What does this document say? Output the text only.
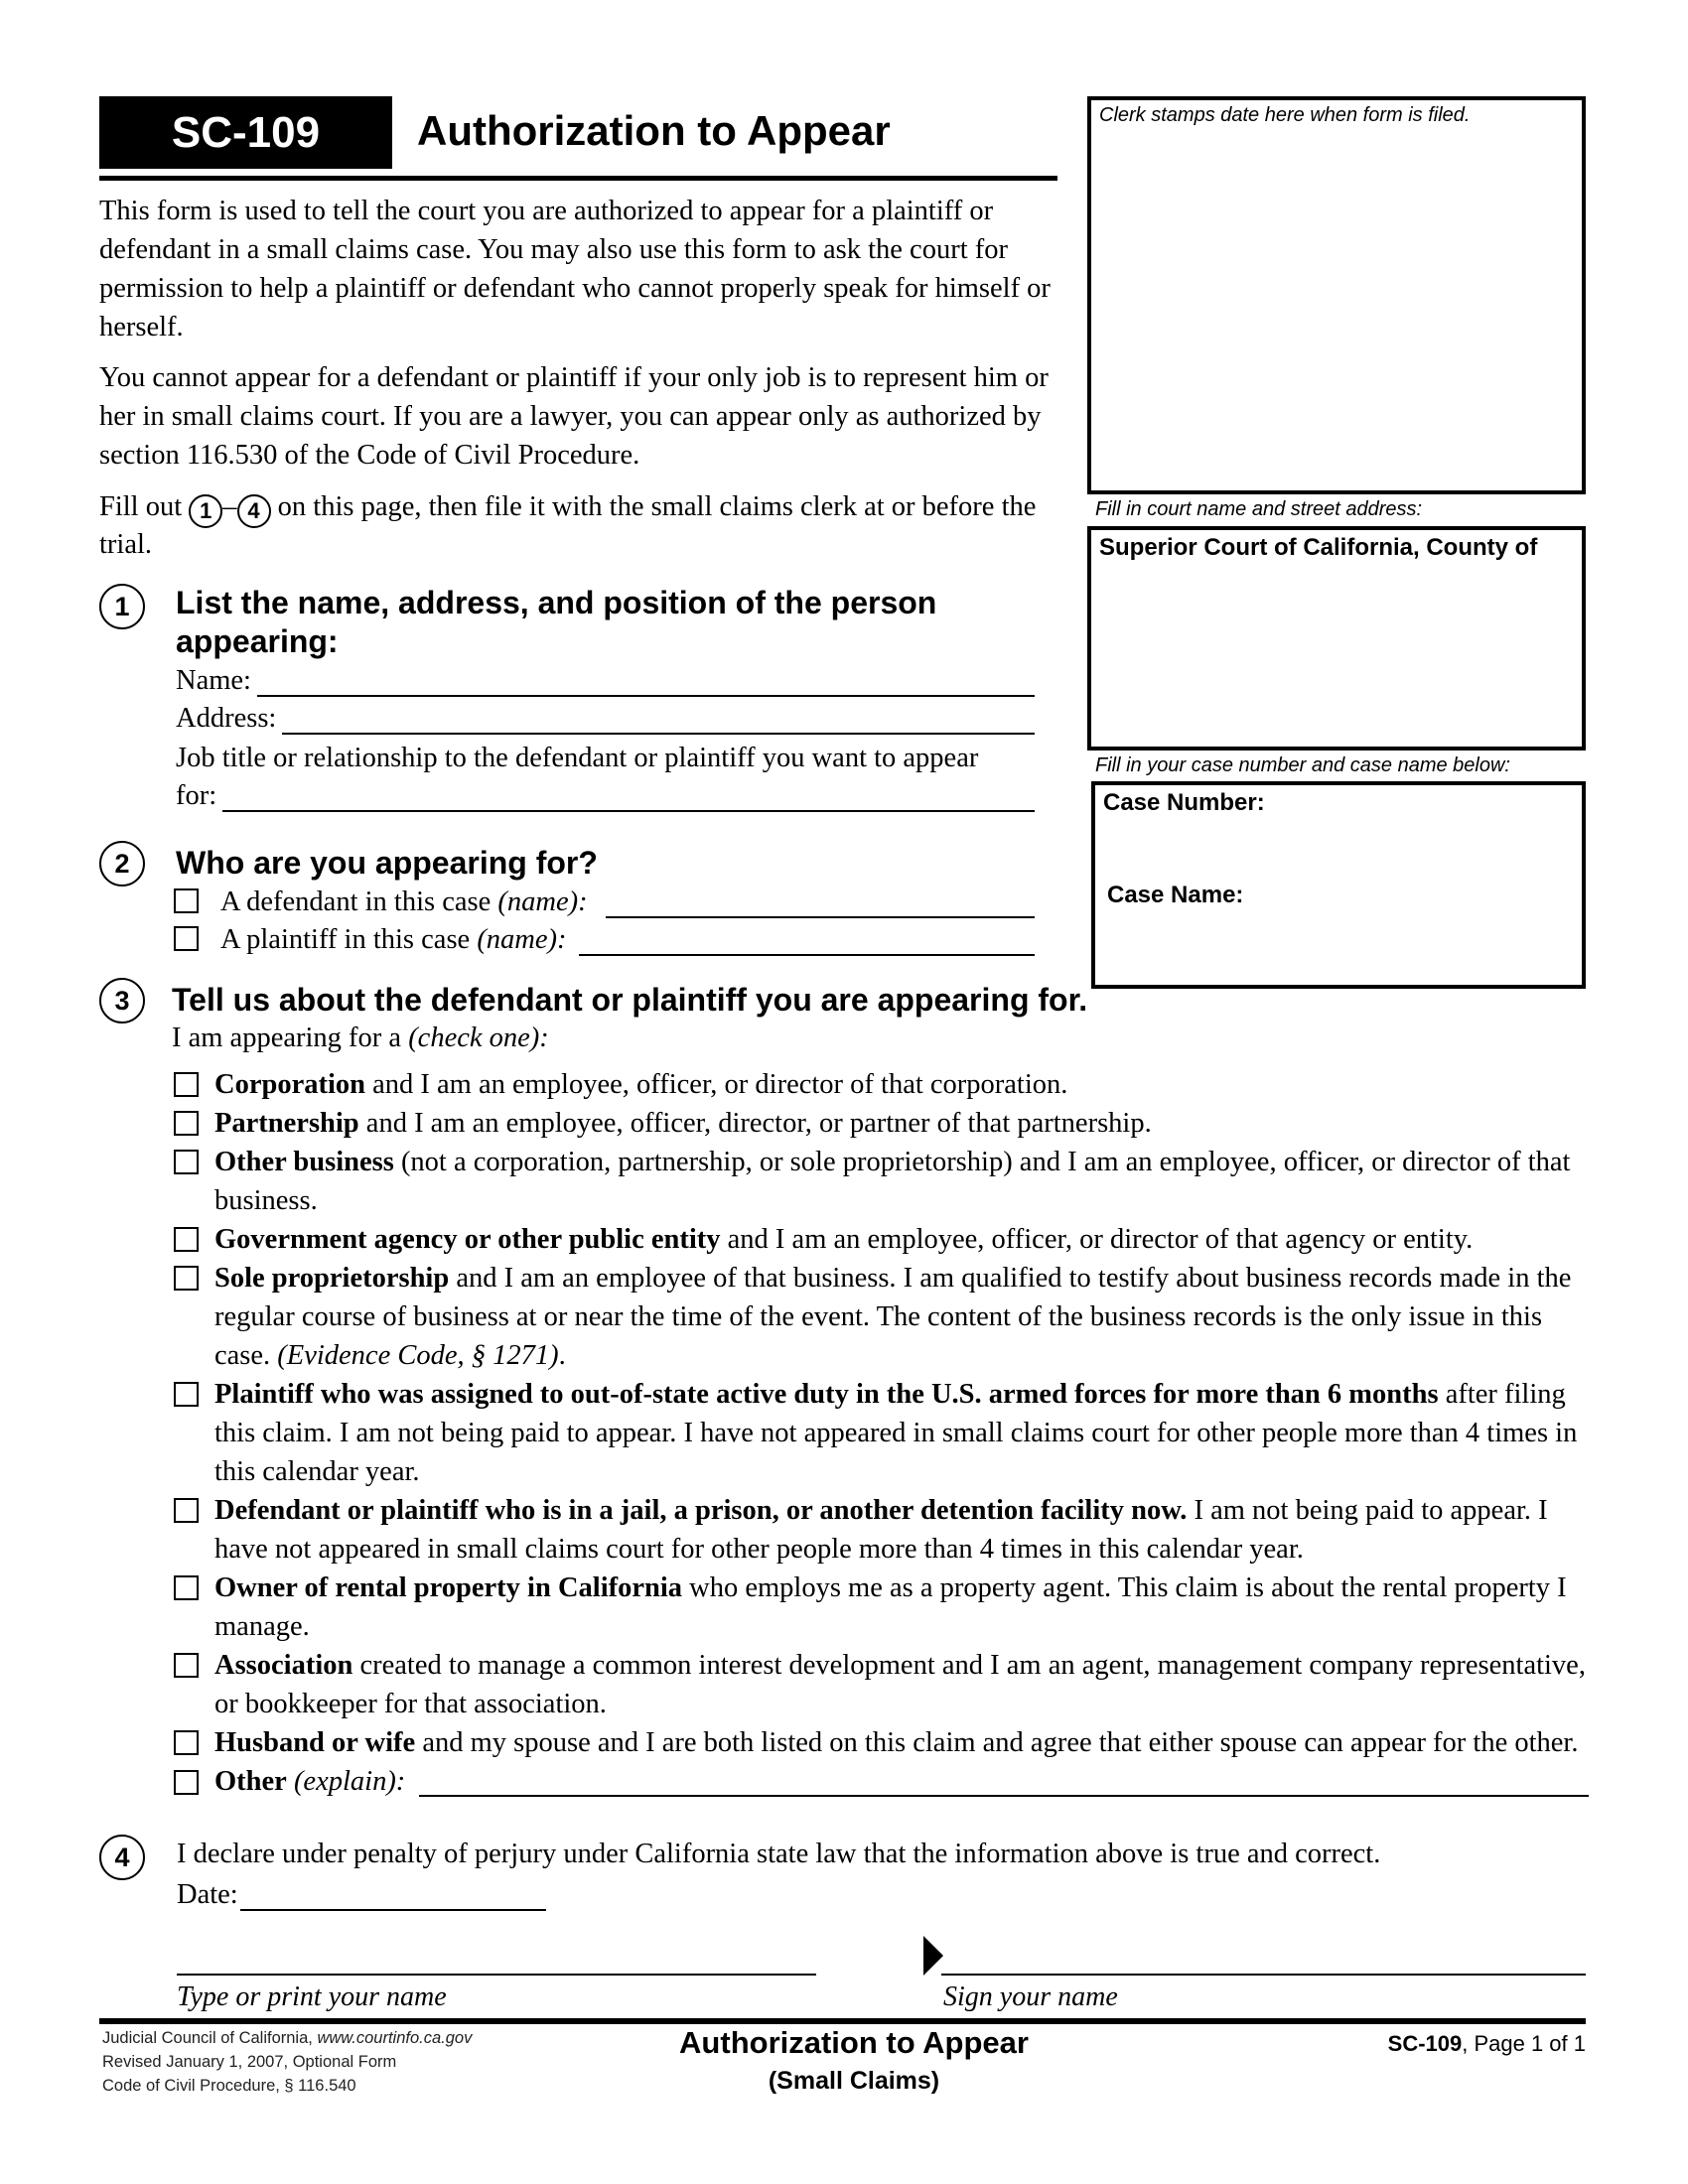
SC-109 Authorization to Appear
This form is used to tell the court you are authorized to appear for a plaintiff or defendant in a small claims case. You may also use this form to ask the court for permission to help a plaintiff or defendant who cannot properly speak for himself or herself.
You cannot appear for a defendant or plaintiff if your only job is to represent him or her in small claims court. If you are a lawyer, you can appear only as authorized by section 116.530 of the Code of Civil Procedure.
Fill out 1 – 4 on this page, then file it with the small claims clerk at or before the trial.
Clerk stamps date here when form is filed.
Fill in court name and street address:
Superior Court of California, County of
Fill in your case number and case name below:
Case Number:
Case Name:
1	List the name, address, and position of the person appearing:
Name:
Address:
Job title or relationship to the defendant or plaintiff you want to appear
for:
2	Who are you appearing for?
A defendant in this case
(name):
A plaintiff in this case
(name):
3	Tell us about the defendant or plaintiff you are appearing for.
I am appearing for a (check one):
Corporation and I am an employee, officer, or director of that corporation.
Partnership and I am an employee, officer, director, or partner of that partnership.
Other business (not a corporation, partnership, or sole proprietorship) and I am an employee, officer, or director of that business.
Government agency or other public entity and I am an employee, officer, or director of that agency or entity.
Sole proprietorship and I am an employee of that business. I am qualified to testify about business records made in the regular course of business at or near the time of the event. The content of the business records is the only issue in this case. (Evidence Code, § 1271).
Plaintiff who was assigned to out-of-state active duty in the U.S. armed forces for more than 6 months after filing this claim. I am not being paid to appear. I have not appeared in small claims court for other people more than 4 times in this calendar year.
Defendant or plaintiff who is in a jail, a prison, or another detention facility now. I am not being paid to appear. I have not appeared in small claims court for other people more than 4 times in this calendar year.
Owner of rental property in California who employs me as a property agent. This claim is about the rental property I manage.
Association created to manage a common interest development and I am an agent, management company representative, or bookkeeper for that association.
Husband or wife and my spouse and I are both listed on this claim and agree that either spouse can appear for the other.
Other
(explain):
4	I declare under penalty of perjury under California state law that the information above is true and correct.
Date:
Type or print your name	Sign your name
Judicial Council of California, www.courtinfo.ca.gov
Revised January 1, 2007, Optional Form
Code of Civil Procedure, § 116.540
Authorization to Appear
(Small Claims)
SC-109, Page 1 of 1
